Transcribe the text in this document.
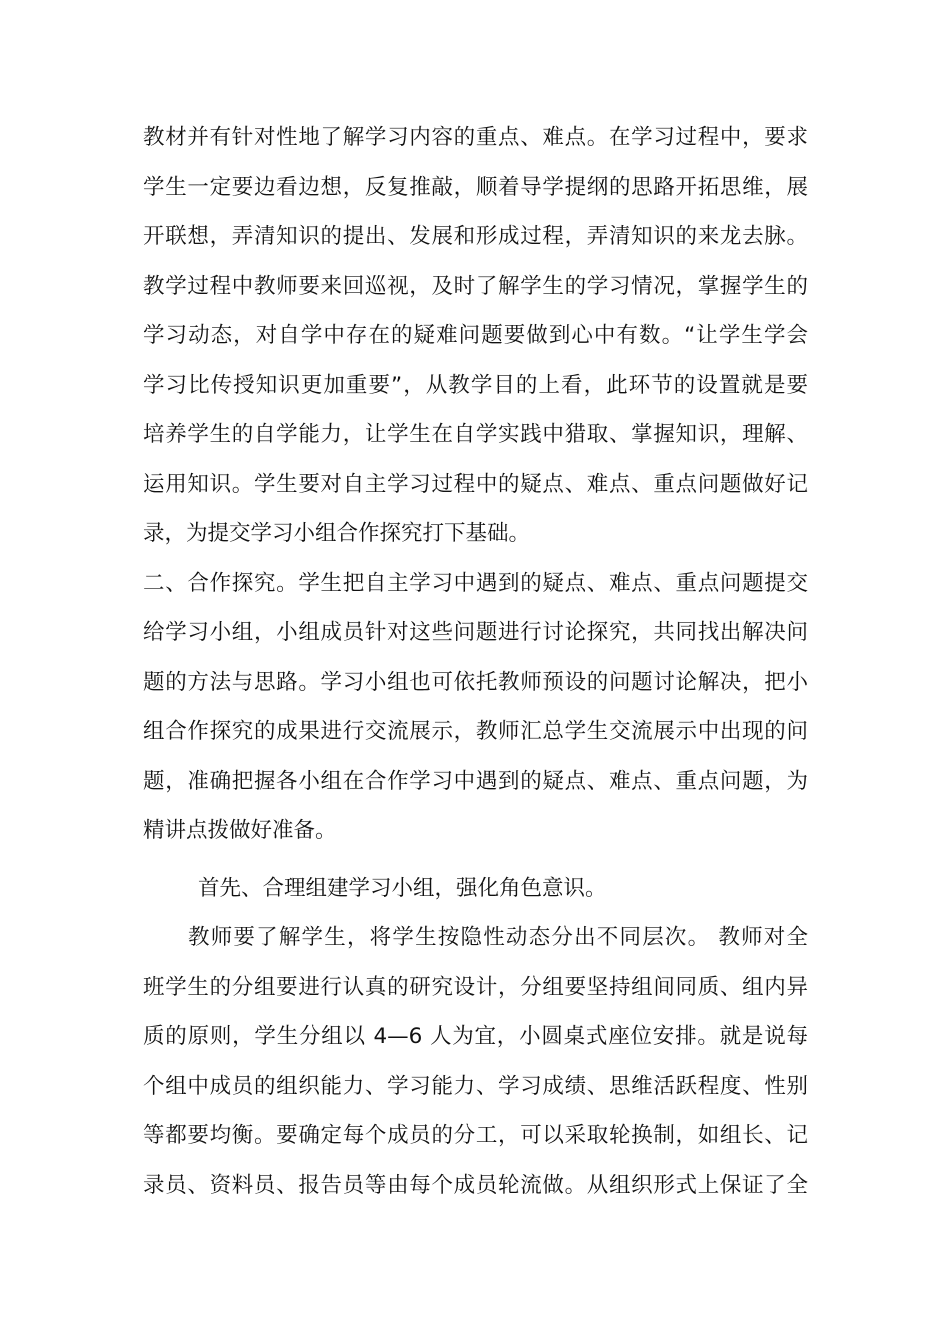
教材并有针对性地了解学习内容的重点、难点。在学习过程中，要求
学生一定要边看边想，反复推敲，顺着导学提纲的思路开拓思维，展
开联想，弄清知识的提出、发展和形成过程，弄清知识的来龙去脉。
教学过程中教师要来回巡视，及时了解学生的学习情况，掌握学生的
学习动态，对自学中存在的疑难问题要做到心中有数。“让学生学会
学习比传授知识更加重要”，从教学目的上看，此环节的设置就是要
培养学生的自学能力，让学生在自学实践中猎取、掌握知识，理解、
运用知识。学生要对自主学习过程中的疑点、难点、重点问题做好记
录，为提交学习小组合作探究打下基础。
二、合作探究。学生把自主学习中遇到的疑点、难点、重点问题提交
给学习小组，小组成员针对这些问题进行讨论探究，共同找出解决问
题的方法与思路。学习小组也可依托教师预设的问题讨论解决，把小
组合作探究的成果进行交流展示，教师汇总学生交流展示中出现的问
题，准确把握各小组在合作学习中遇到的疑点、难点、重点问题，为
精讲点拨做好准备。
首先、合理组建学习小组，强化角色意识。
教师要了解学生，将学生按隐性动态分出不同层次。 教师对全
班学生的分组要进行认真的研究设计，分组要坚持组间同质、组内异
质的原则，学生分组以 4—6 人为宜，小圆桌式座位安排。就是说每
个组中成员的组织能力、学习能力、学习成绩、思维活跃程度、性别
等都要均衡。要确定每个成员的分工，可以采取轮换制，如组长、记
录员、资料员、报告员等由每个成员轮流做。从组织形式上保证了全
